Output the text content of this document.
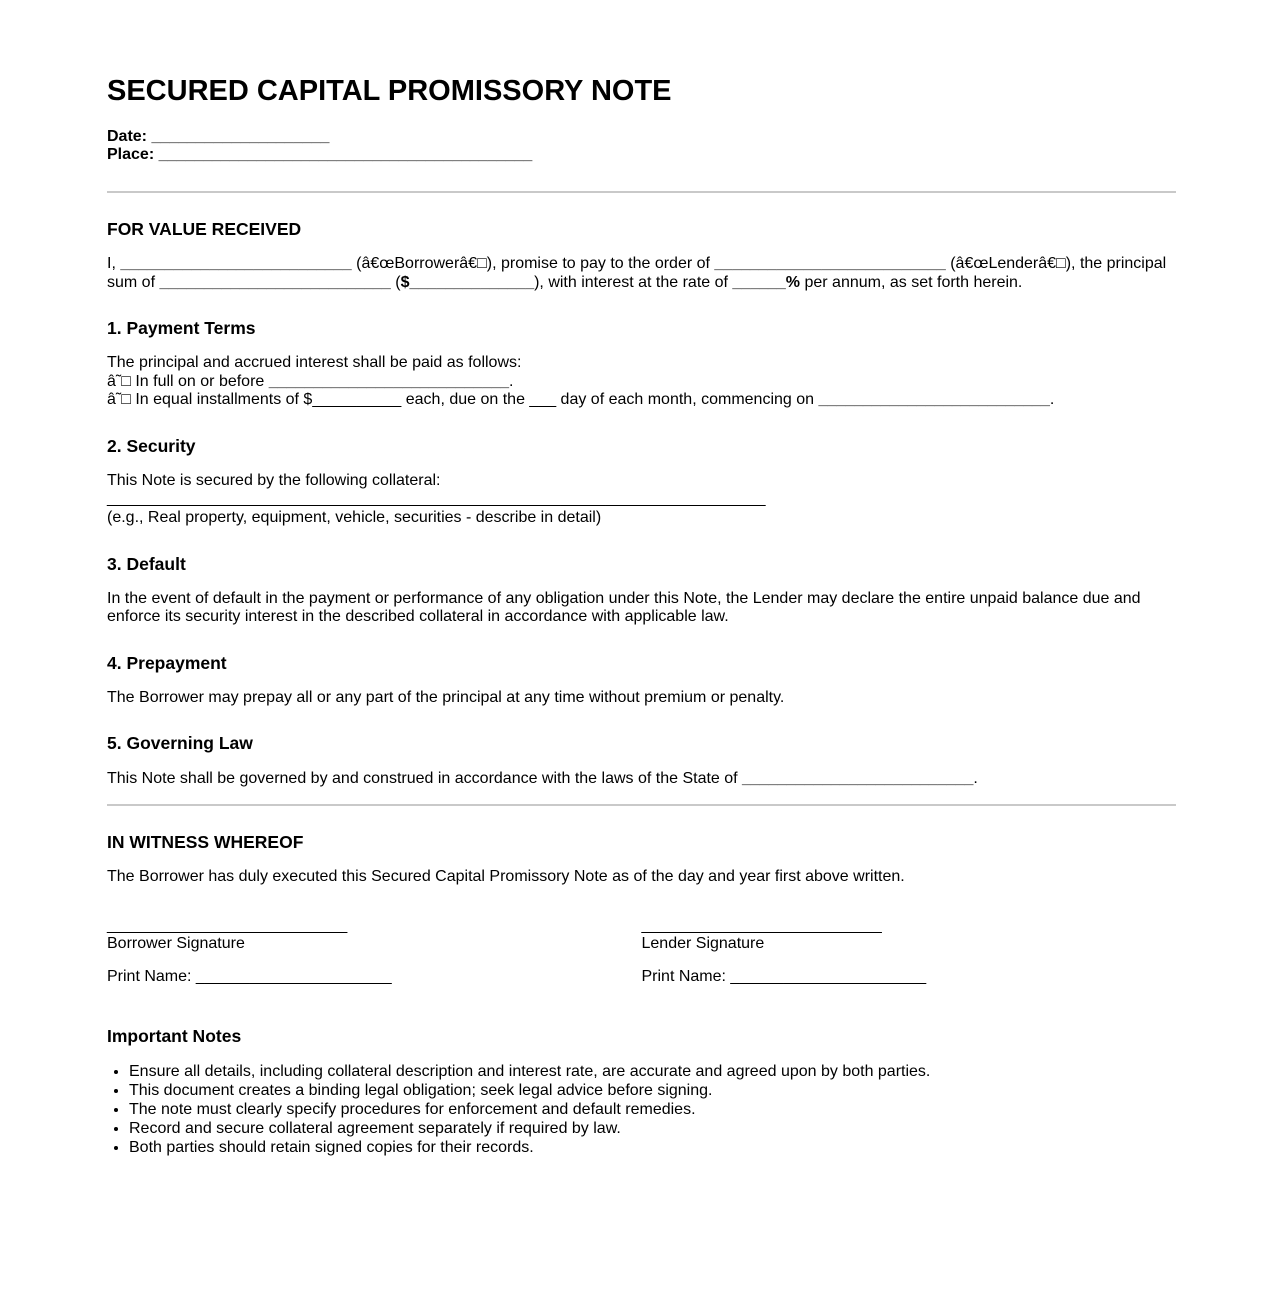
SECURED CAPITAL PROMISSORY NOTE

Date: ____________________
Place: __________________________________________

FOR VALUE RECEIVED

I, __________________________ (â€œBorrowerâ€□), promise to pay to the order of __________________________ (â€œLenderâ€□), the principal sum of __________________________ ($______________), with interest at the rate of ______% per annum, as set forth herein.

1. Payment Terms

The principal and accrued interest shall be paid as follows:
â˜□ In full on or before ___________________________.
â˜□ In equal installments of $__________ each, due on the ___ day of each month, commencing on __________________________.

2. Security

This Note is secured by the following collateral:
__________________________________________________________________________
(e.g., Real property, equipment, vehicle, securities - describe in detail)

3. Default

In the event of default in the payment or performance of any obligation under this Note, the Lender may declare the entire unpaid balance due and enforce its security interest in the described collateral in accordance with applicable law.

4. Prepayment

The Borrower may prepay all or any part of the principal at any time without premium or penalty.

5. Governing Law

This Note shall be governed by and construed in accordance with the laws of the State of __________________________.

IN WITNESS WHEREOF

The Borrower has duly executed this Secured Capital Promissory Note as of the day and year first above written.

___________________________
Borrower Signature

Print Name: ______________________

___________________________
Lender Signature

Print Name: ______________________

Important Notes
• Ensure all details, including collateral description and interest rate, are accurate and agreed upon by both parties.
• This document creates a binding legal obligation; seek legal advice before signing.
• The note must clearly specify procedures for enforcement and default remedies.
• Record and secure collateral agreement separately if required by law.
• Both parties should retain signed copies for their records.
